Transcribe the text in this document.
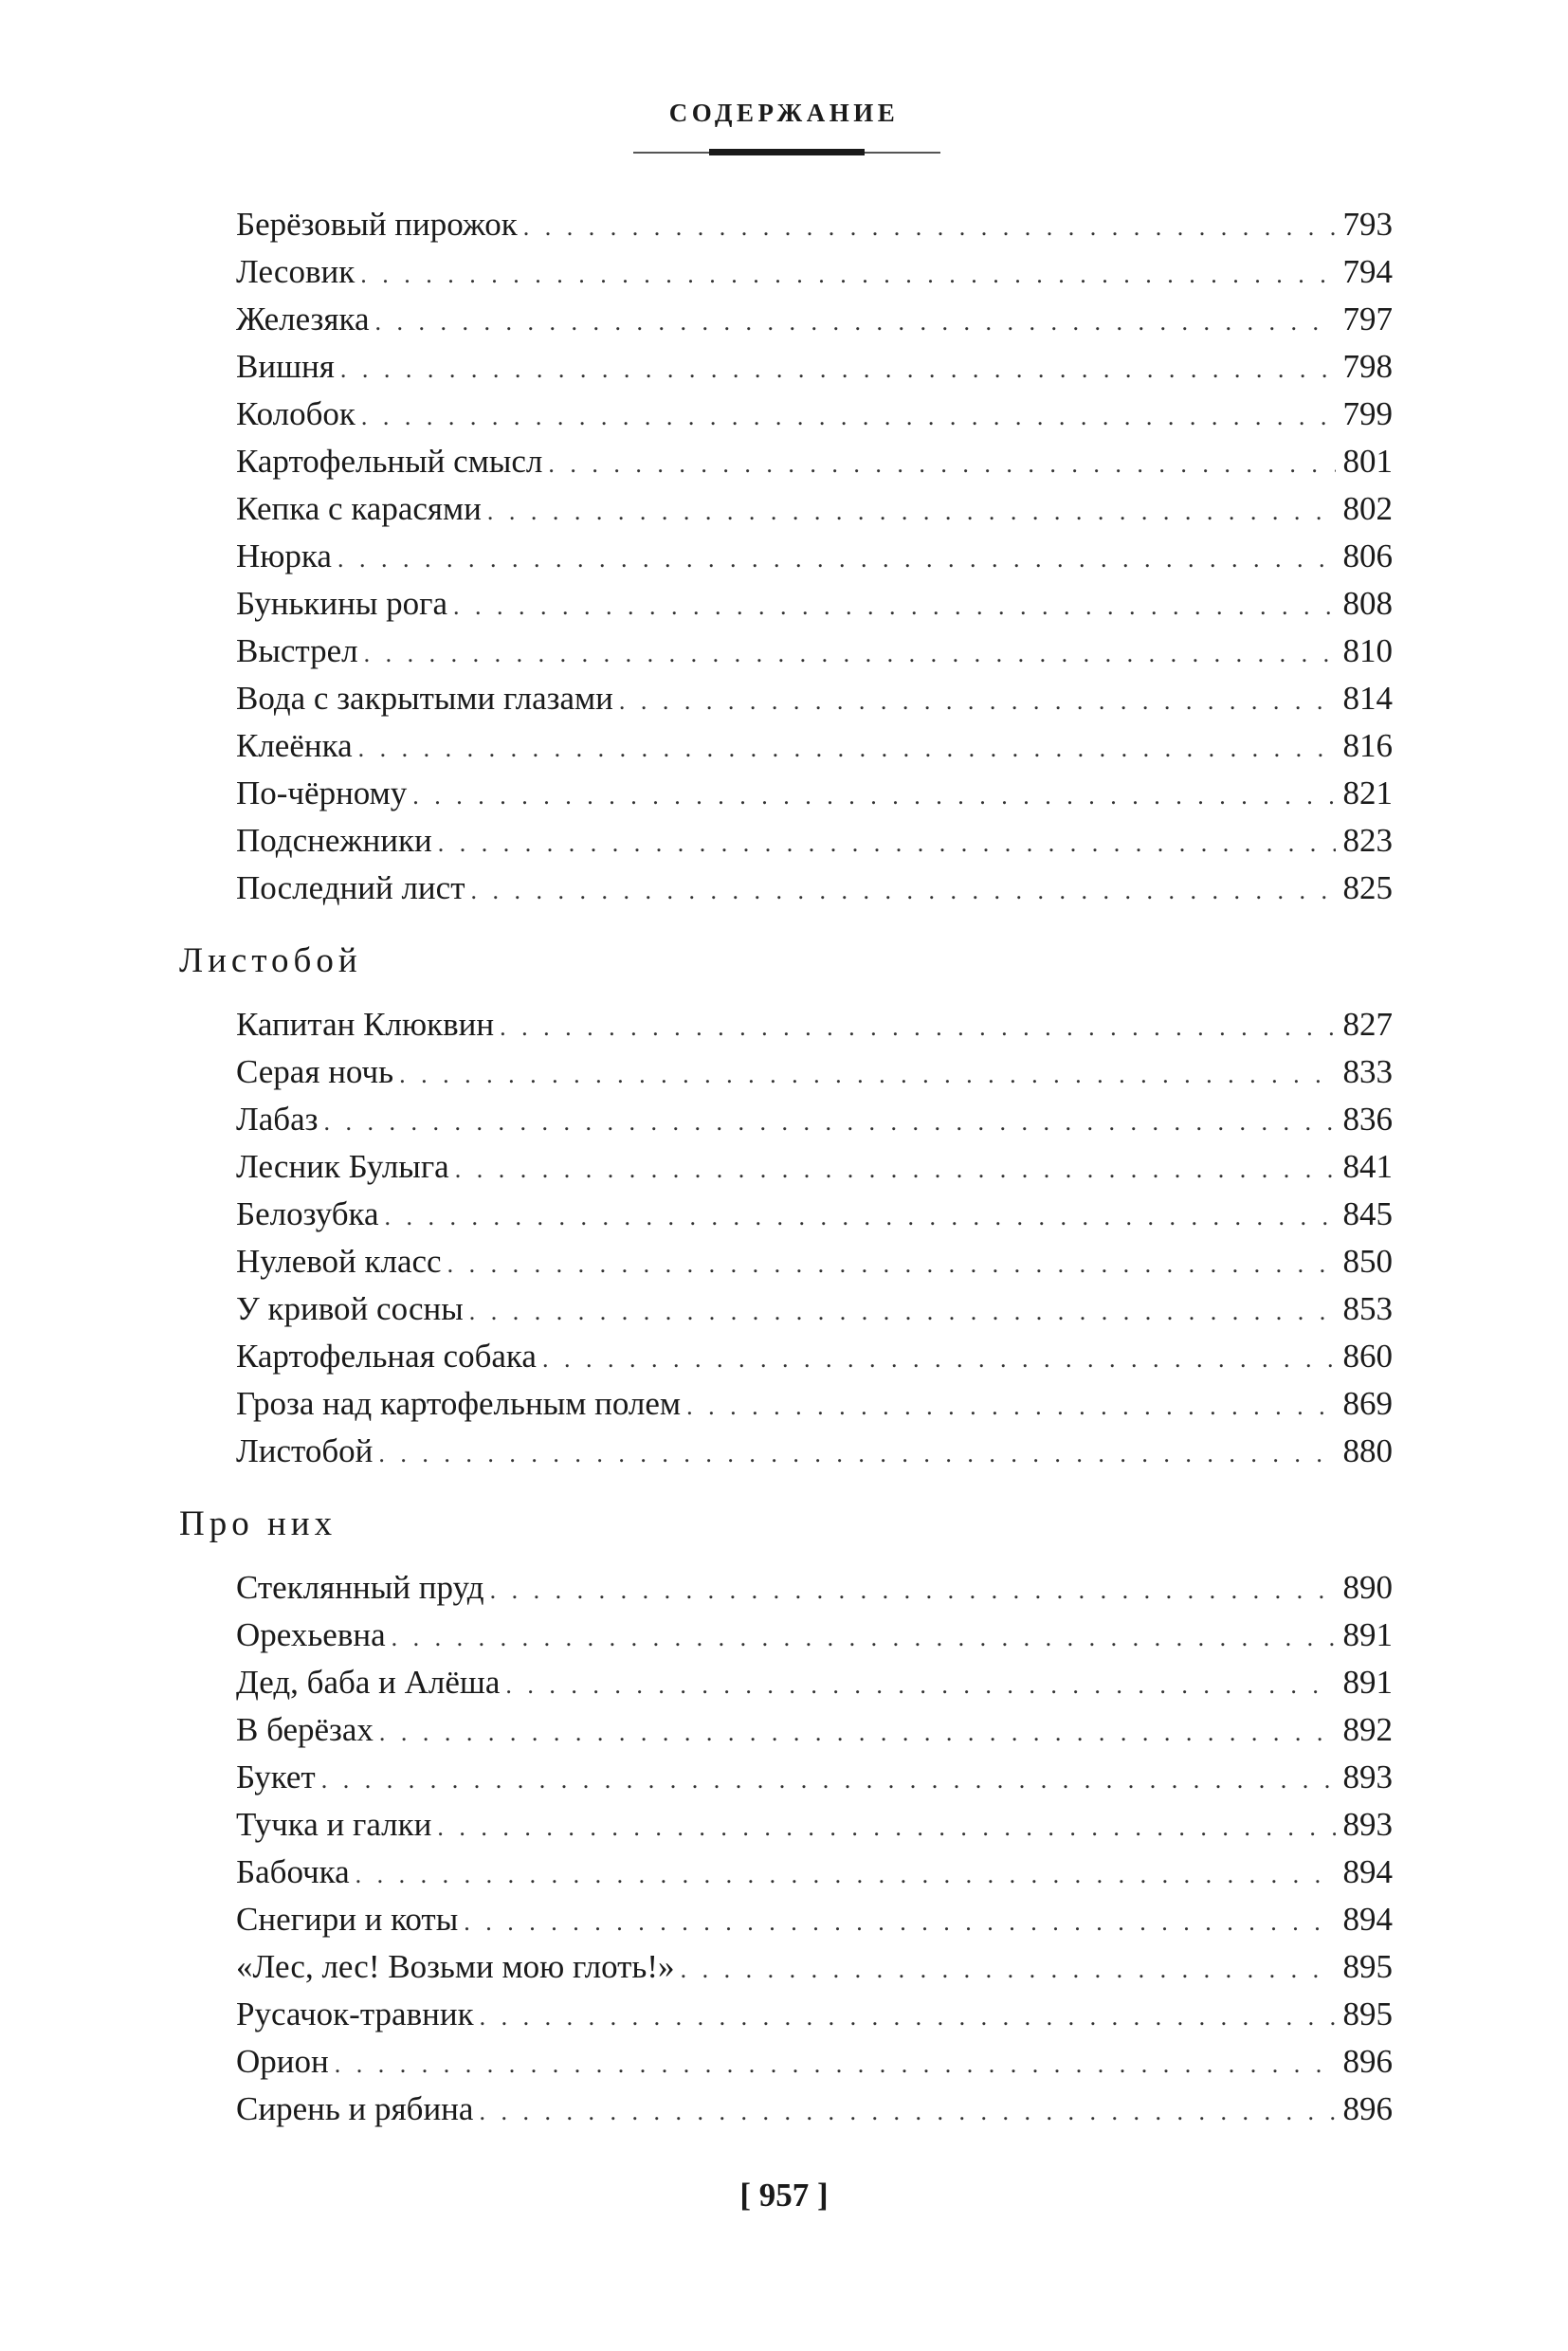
СОДЕРЖАНИЕ
Берёзовый пирожок . . .	793
Лесовик . . .	794
Железяка . . .	797
Вишня . . .	798
Колобок . . .	799
Картофельный смысл . . .	801
Кепка с карасями . . .	802
Нюрка . . .	806
Бунькины рога . . .	808
Выстрел . . .	810
Вода с закрытыми глазами . . .	814
Клеёнка . . .	816
По-чёрному . . .	821
Подснежники . . .	823
Последний лист . . .	825
Листобой
Капитан Клюквин . . .	827
Серая ночь . . .	833
Лабаз . . .	836
Лесник Булыга . . .	841
Белозубка . . .	845
Нулевой класс . . .	850
У кривой сосны . . .	853
Картофельная собака . . .	860
Гроза над картофельным полем . . .	869
Листобой . . .	880
Про них
Стеклянный пруд . . .	890
Орехьевна . . .	891
Дед, баба и Алёша . . .	891
В берёзах . . .	892
Букет . . .	893
Тучка и галки . . .	893
Бабочка . . .	894
Снегири и коты . . .	894
«Лес, лес! Возьми мою глоть!» . . .	895
Русачок-травник . . .	895
Орион . . .	896
Сирень и рябина . . .	896
[ 957 ]
